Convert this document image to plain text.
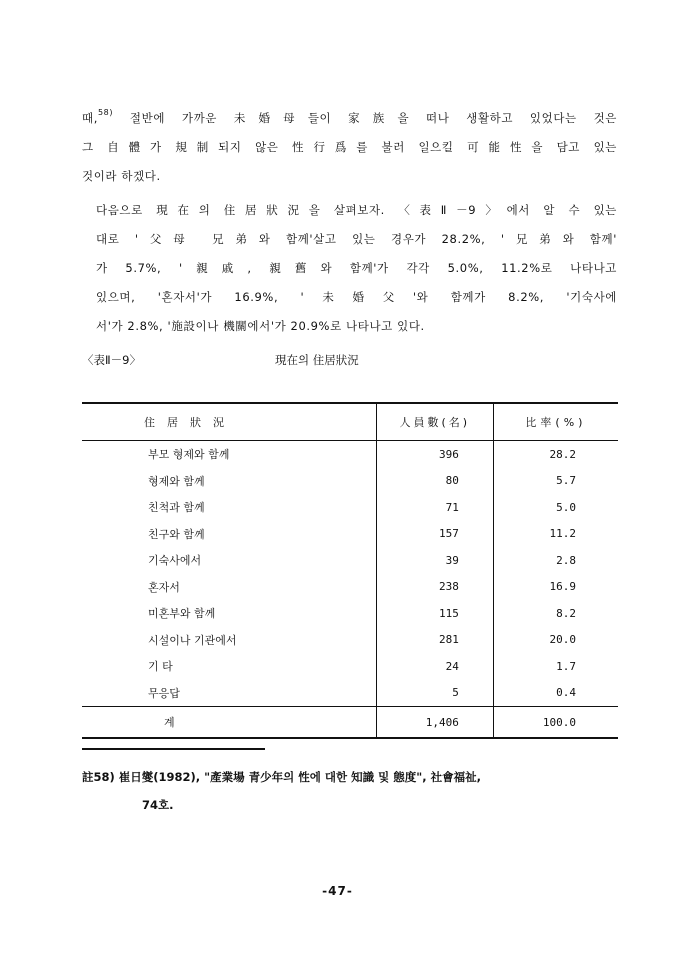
때,$^{58)}$ 절반에 가까운 未婚母들이 家族을 떠나 생활하고 있었다는 것은
그 自體가 規制되지 않은 性行爲를 불러 일으킬 可能性을 담고 있는
것이라 하겠다.
다음으로 現在의 住居狀況을 살펴보자. 〈表Ⅱ－9〉에서 알 수 있는
대로 '父母 兄弟와 함께'살고 있는 경우가 28.2%, '兄弟와 함께'
가 5.7%, '親戚, 親舊와 함께'가 각각 5.0%, 11.2%로 나타나고
있으며, '혼자서'가 16.9%, '未婚父'와 함께가 8.2%, '기숙사에
서'가 2.8%, '施設이나 機關에서'가 20.9%로 나타나고 있다.
〈表Ⅱ－9〉	現在의 住居狀況
住居狀況	人員數(名)	比率(%)
부모 형제와 함께	396	28.2
형제와 함께	80	5.7
친척과 함께	71	5.0
친구와 함께	157	11.2
기숙사에서	39	2.8
혼자서	238	16.9
미혼부와 함께	115	8.2
시설이나 기관에서	281	20.0
기 타	24	1.7
무응답	5	0.4
계	1,406	100.0
註58) 崔日燮(1982), "產業場 青少年의 性에 대한 知識 및 態度", 社會福祉,
74호.
-47-
